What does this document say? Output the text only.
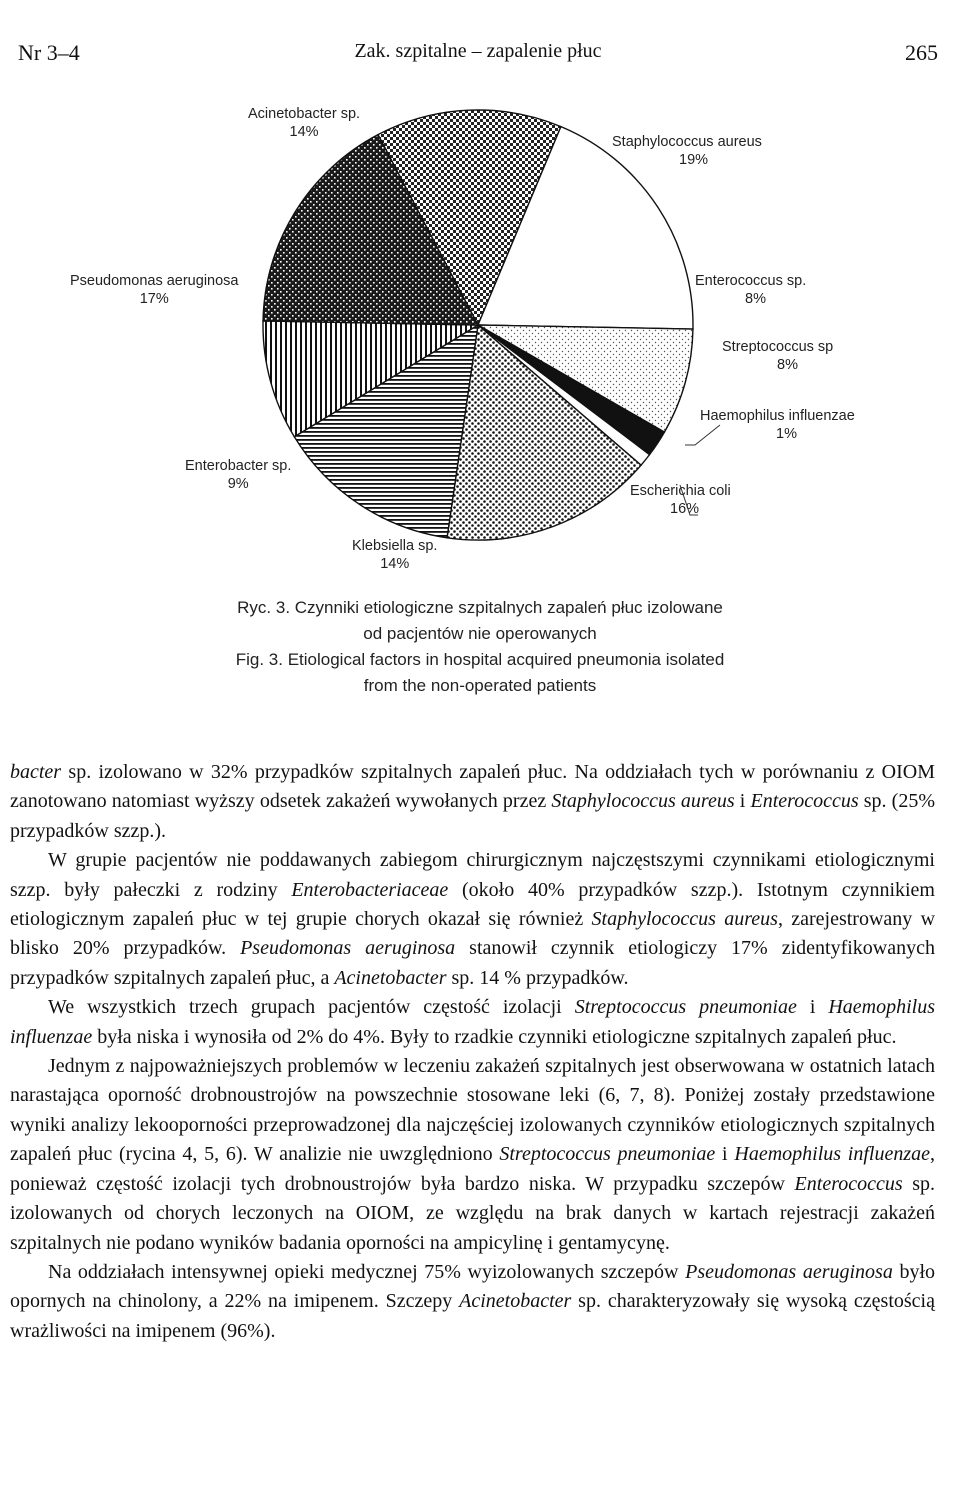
Nr 3–4	Zak. szpitalne – zapalenie płuc	265
Acinetobacter sp.
14%
Staphylococcus aureus
19%
Enterococcus sp.
8%
Streptococcus sp
8%
Haemophilus influenzae
1%
Escherichia coli
16%
Klebsiella sp.
14%
Enterobacter sp.
9%
Pseudomonas aeruginosa
17%
Ryc. 3. Czynniki etiologiczne szpitalnych zapaleń płuc izolowane
od pacjentów nie operowanych
Fig. 3. Etiological factors in hospital acquired pneumonia isolated
from the non-operated patients

bacter sp. izolowano w 32% przypadków szpitalnych zapaleń płuc. Na oddziałach tych w porównaniu z OIOM zanotowano natomiast wyższy odsetek zakażeń wywołanych przez Staphylococcus aureus i Enterococcus sp. (25% przypadków szzp.).

W grupie pacjentów nie poddawanych zabiegom chirurgicznym najczęstszymi czynnikami etiologicznymi szzp. były pałeczki z rodziny Enterobacteriaceae (około 40% przypadków szzp.). Istotnym czynnikiem etiologicznym zapaleń płuc w tej grupie chorych okazał się również Staphylococcus aureus, zarejestrowany w blisko 20% przypadków. Pseudomonas aeruginosa stanowił czynnik etiologiczy 17% zidentyfikowanych przypadków szpitalnych zapaleń płuc, a Acinetobacter sp. 14 % przypadków.

We wszystkich trzech grupach pacjentów częstość izolacji Streptococcus pneumoniae i Haemophilus influenzae była niska i wynosiła od 2% do 4%. Były to rzadkie czynniki etiologiczne szpitalnych zapaleń płuc.

Jednym z najpoważniejszych problemów w leczeniu zakażeń szpitalnych jest obserwowana w ostatnich latach narastająca oporność drobnoustrojów na powszechnie stosowane leki (6, 7, 8). Poniżej zostały przedstawione wyniki analizy lekooporności przeprowadzonej dla najczęściej izolowanych czynników etiologicznych szpitalnych zapaleń płuc (rycina 4, 5, 6). W analizie nie uwzględniono Streptococcus pneumoniae i Haemophilus influenzae, ponieważ częstość izolacji tych drobnoustrojów była bardzo niska. W przypadku szczepów Enterococcus sp. izolowanych od chorych leczonych na OIOM, ze względu na brak danych w kartach rejestracji zakażeń szpitalnych nie podano wyników badania oporności na ampicylinę i gentamycynę.

Na oddziałach intensywnej opieki medycznej 75% wyizolowanych szczepów Pseudomonas aeruginosa było opornych na chinolony, a 22% na imipenem. Szczepy Acinetobacter sp. charakteryzowały się wysoką częstością wrażliwości na imipenem (96%).
